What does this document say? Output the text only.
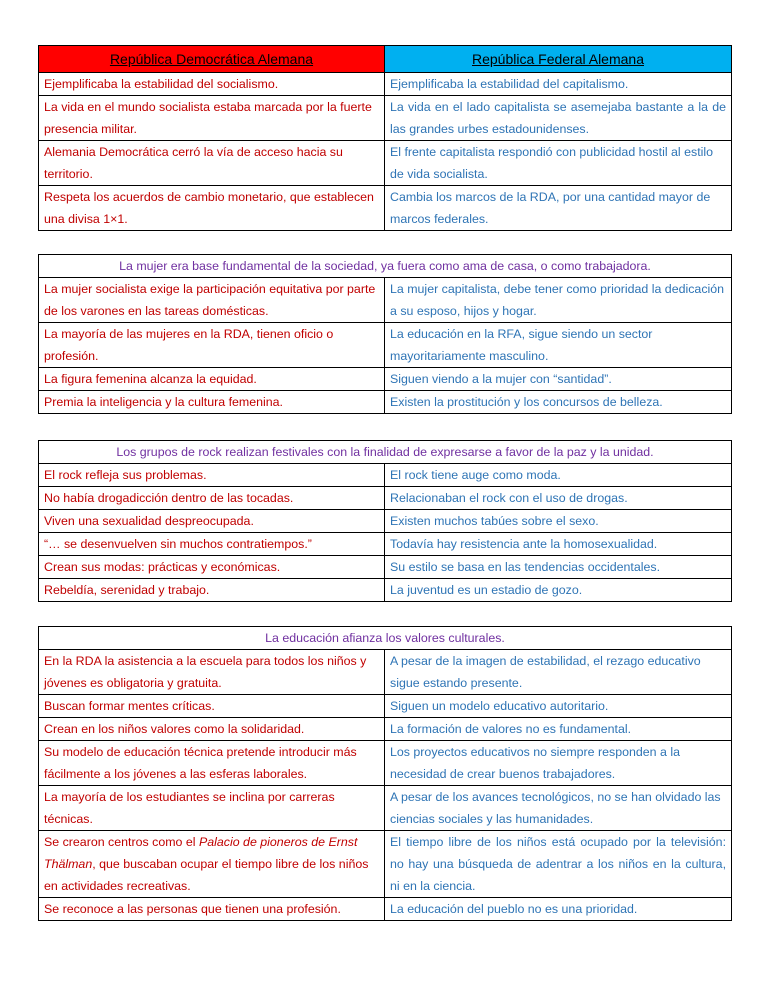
República Democrática Alemana	República Federal Alemana
Ejemplificaba la estabilidad del socialismo.	Ejemplificaba la estabilidad del capitalismo.
La vida en el mundo socialista estaba marcada por la fuerte presencia militar.	La vida en el lado capitalista se asemejaba bastante a la de las grandes urbes estadounidenses.
Alemania Democrática cerró la vía de acceso hacia su territorio.	El frente capitalista respondió con publicidad hostil al estilo de vida socialista.
Respeta los acuerdos de cambio monetario, que establecen una divisa 1×1.	Cambia los marcos de la RDA, por una cantidad mayor de marcos federales.
La mujer era base fundamental de la sociedad, ya fuera como ama de casa, o como trabajadora.	
La mujer socialista exige la participación equitativa por parte de los varones en las tareas domésticas.	La mujer capitalista, debe tener como prioridad la dedicación a su esposo, hijos y hogar.
La mayoría de las mujeres en la RDA, tienen oficio o profesión.	La educación en la RFA, sigue siendo un sector mayoritariamente masculino.
La figura femenina alcanza la equidad.	Siguen viendo a la mujer con “santidad”.
Premia la inteligencia y la cultura femenina.	Existen la prostitución y los concursos de belleza.
Los grupos de rock realizan festivales con la finalidad de expresarse a favor de la paz y la unidad.	
El rock refleja sus problemas.	El rock tiene auge como moda.
No había drogadicción dentro de las tocadas.	Relacionaban el rock con el uso de drogas.
Viven una sexualidad despreocupada.	Existen muchos tabúes sobre el sexo.
“… se desenvuelven sin muchos contratiempos.”	Todavía hay resistencia ante la homosexualidad.
Crean sus modas: prácticas y económicas.	Su estilo se basa en las tendencias occidentales.
Rebeldía, serenidad y trabajo.	La juventud es un estadio de gozo.
La educación afianza los valores culturales.	
En la RDA la asistencia a la escuela para todos los niños y jóvenes es obligatoria y gratuita.	A pesar de la imagen de estabilidad, el rezago educativo sigue estando presente.
Buscan formar mentes críticas.	Siguen un modelo educativo autoritario.
Crean en los niños valores como la solidaridad.	La formación de valores no es fundamental.
Su modelo de educación técnica pretende introducir más fácilmente a los jóvenes a las esferas laborales.	Los proyectos educativos no siempre responden a la necesidad de crear buenos trabajadores.
La mayoría de los estudiantes se inclina por carreras técnicas.	A pesar de los avances tecnológicos, no se han olvidado las ciencias sociales y las humanidades.
Se crearon centros como el Palacio de pioneros de Ernst Thälman, que buscaban ocupar el tiempo libre de los niños en actividades recreativas.	El tiempo libre de los niños está ocupado por la televisión: no hay una búsqueda de adentrar a los niños en la cultura, ni en la ciencia.
Se reconoce a las personas que tienen una profesión.	La educación del pueblo no es una prioridad.
